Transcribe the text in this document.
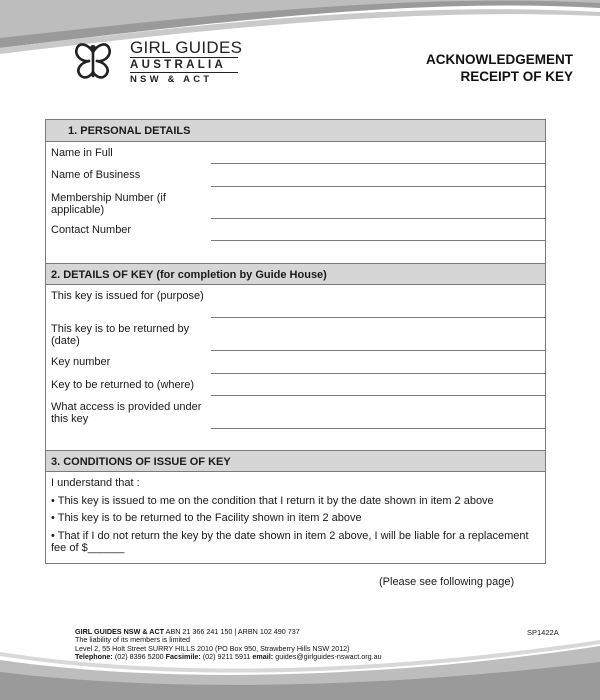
GIRL GUIDES
AUSTRALIA
NSW & ACT
ACKNOWLEDGEMENT
RECEIPT OF KEY
1. PERSONAL DETAILS
Name in Full
Name of Business
Membership Number (if applicable)
Contact Number
2. DETAILS OF KEY (for completion by Guide House)
This key is issued for (purpose)
This key is to be returned by (date)
Key number
Key to be returned to (where)
What access is provided under this key
3. CONDITIONS OF ISSUE OF KEY

I understand that :

• This key is issued to me on the condition that I return it by the date shown in item 2 above

• This key is to be returned to the Facility shown in item 2 above

• That if I do not return the key by the date shown in item 2 above, I will be liable for a replacement fee of $______

(Please see following page)
GIRL GUIDES NSW & ACT ABN 21 366 241 150 | ARBN 102 490 737
The liability of its members is limited
Level 2, 55 Holt Street SURRY HILLS 2010 (PO Box 950, Strawberry Hills NSW 2012)
Telephone: (02) 8396 5200 Facsimile: (02) 9211 5911 email: guides@girlguides-nswact.org.au
SP1422A
